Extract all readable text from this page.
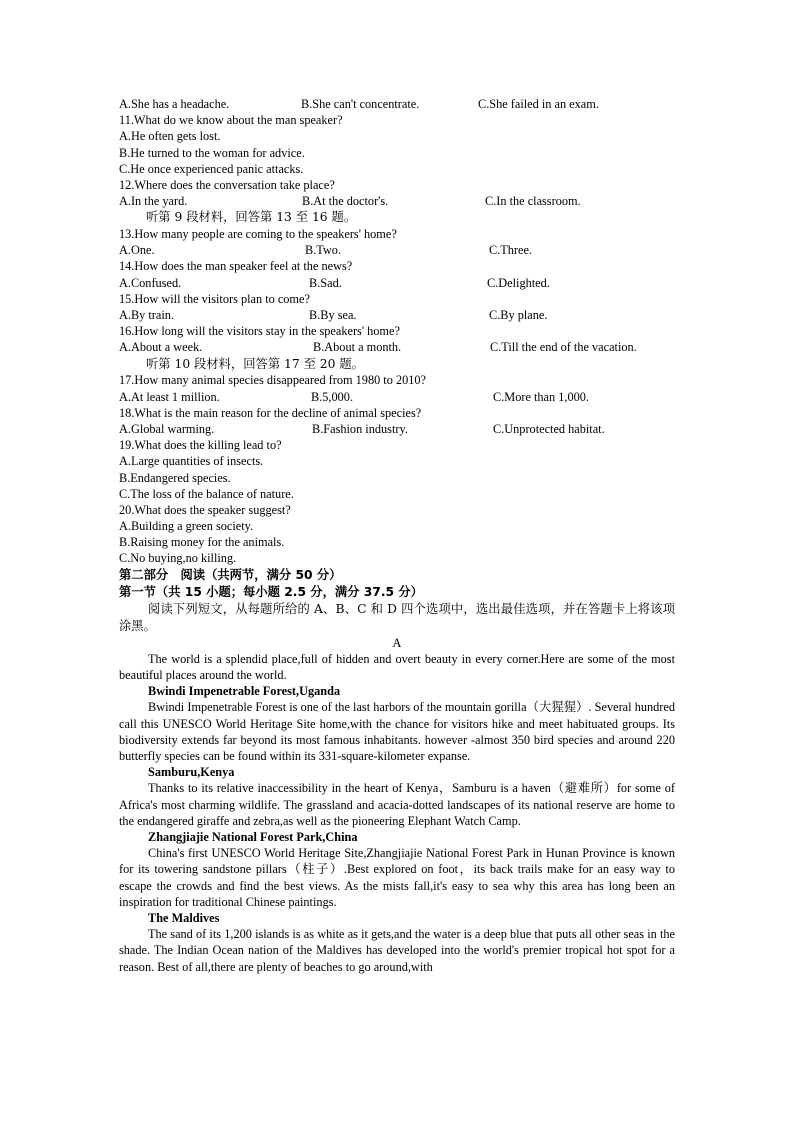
A.She has a headache.	B.She can't concentrate.	C.She failed in an exam.
11.What do we know about the man speaker?
A.He often gets lost.
B.He turned to the woman for advice.
C.He once experienced panic attacks.
12.Where does the conversation take place?
A.In the yard.	B.At the doctor's.	C.In the classroom.
听第 9 段材料，回答第 13 至 16 题。
13.How many people are coming to the speakers' home?
A.One.	B.Two.	C.Three.
14.How does the man speaker feel at the news?
A.Confused.	B.Sad.	C.Delighted.
15.How will the visitors plan to come?
A.By train.	B.By sea.	C.By plane.
16.How long will the visitors stay in the speakers' home?
A.About a week.	B.About a month.	C.Till the end of the vacation.
听第 10 段材料，回答第 17 至 20 题。
17.How many animal species disappeared from 1980 to 2010?
A.At least 1 million.	B.5,000.	C.More than 1,000.
18.What is the main reason for the decline of animal species?
A.Global warming.	B.Fashion industry.	C.Unprotected habitat.
19.What does the killing lead to?
A.Large quantities of insects.
B.Endangered species.
C.The loss of the balance of nature.
20.What does the speaker suggest?
A.Building a green society.
B.Raising money for the animals.
C.No buying,no killing.
第二部分　阅读（共两节，满分 50 分）
第一节（共 15 小题；每小题 2.5 分，满分 37.5 分）

阅读下列短文，从每题所给的 A、B、C 和 D 四个选项中，选出最佳选项，并在答题卡上将该项涂黑。

A

The world is a splendid place,full of hidden and overt beauty in every corner.Here are some of the most beautiful places around the world.

Bwindi Impenetrable Forest,Uganda

Bwindi Impenetrable Forest is one of the last harbors of the mountain gorilla（大猩猩）. Several hundred call this UNESCO World Heritage Site home,with the chance for visitors hike and meet habituated groups. Its biodiversity extends far beyond its most famous inhabitants. however -almost 350 bird species and around 220 butterfly species can be found within its 331-square-kilometer expanse.

Samburu,Kenya

Thanks to its relative inaccessibility in the heart of Kenya，Samburu is a haven（避难所）for some of Africa's most charming wildlife. The grassland and acacia-dotted landscapes of its national reserve are home to the endangered giraffe and zebra,as well as the pioneering Elephant Watch Camp.

Zhangjiajie National Forest Park,China

China's first UNESCO World Heritage Site,Zhangjiajie National Forest Park in Hunan Province is known for its towering sandstone pillars（柱子）.Best explored on foot，its back trails make for an easy way to escape the crowds and find the best views. As the mists fall,it's easy to sea why this area has long been an inspiration for traditional Chinese paintings.

The Maldives

The sand of its 1,200 islands is as white as it gets,and the water is a deep blue that puts all other seas in the shade. The Indian Ocean nation of the Maldives has developed into the world's premier tropical hot spot for a reason. Best of all,there are plenty of beaches to go around,with
